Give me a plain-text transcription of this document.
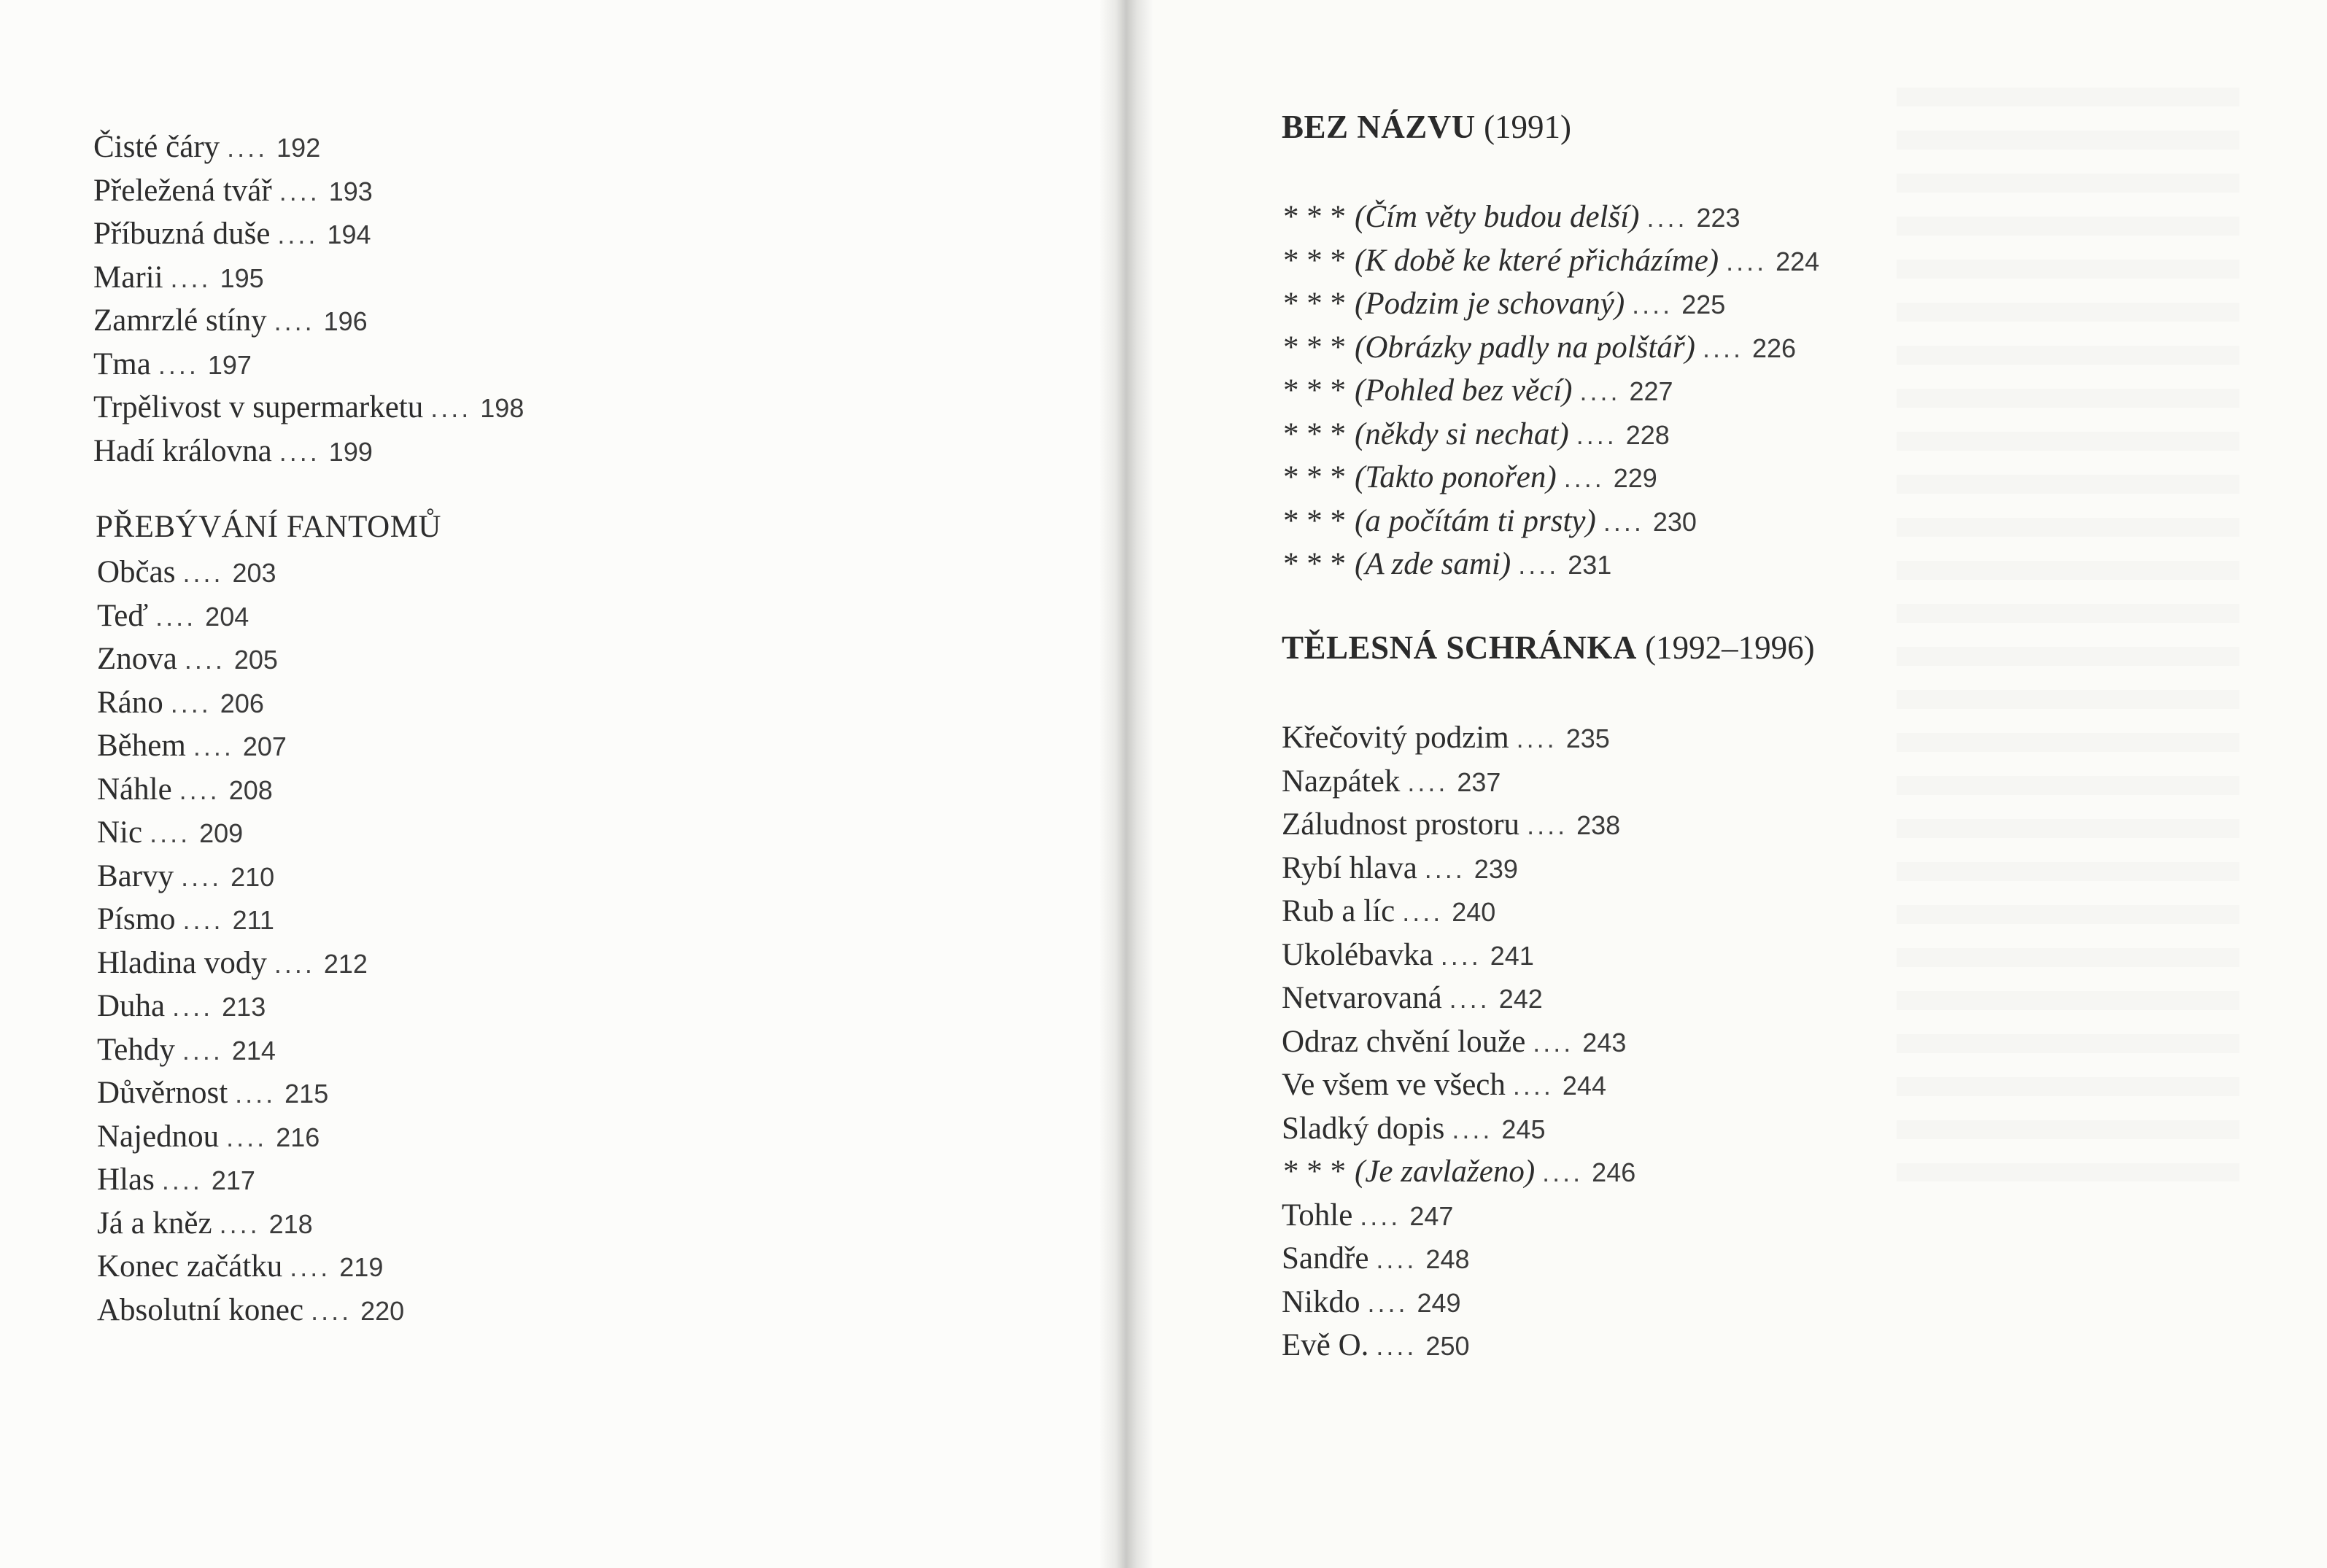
Čisté čáry .... 192
Přeležená tvář .... 193
Příbuzná duše .... 194
Marii .... 195
Zamrzlé stíny .... 196
Tma .... 197
Trpělivost v supermarketu .... 198
Hadí královna .... 199
PŘEBÝVÁNÍ FANTOMŮ
Občas .... 203
Teď .... 204
Znova .... 205
Ráno .... 206
Během .... 207
Náhle .... 208
Nic .... 209
Barvy .... 210
Písmo .... 211
Hladina vody .... 212
Duha .... 213
Tehdy .... 214
Důvěrnost .... 215
Najednou .... 216
Hlas .... 217
Já a kněz .... 218
Konec začátku .... 219
Absolutní konec .... 220
BEZ NÁZVU (1991)
* * * (Čím věty budou delší) .... 223
* * * (K době ke které přicházíme) .... 224
* * * (Podzim je schovaný) .... 225
* * * (Obrázky padly na polštář) .... 226
* * * (Pohled bez věcí) .... 227
* * * (někdy si nechat) .... 228
* * * (Takto ponořen) .... 229
* * * (a počítám ti prsty) .... 230
* * * (A zde sami) .... 231
TĚLESNÁ SCHRÁNKA (1992–1996)
Křečovitý podzim .... 235
Nazpátek .... 237
Záludnost prostoru .... 238
Rybí hlava .... 239
Rub a líc .... 240
Ukolébavka .... 241
Netvarovaná .... 242
Odraz chvění louže .... 243
Ve všem ve všech .... 244
Sladký dopis .... 245
* * * (Je zavlaženo) .... 246
Tohle .... 247
Sandře .... 248
Nikdo .... 249
Evě O. .... 250
